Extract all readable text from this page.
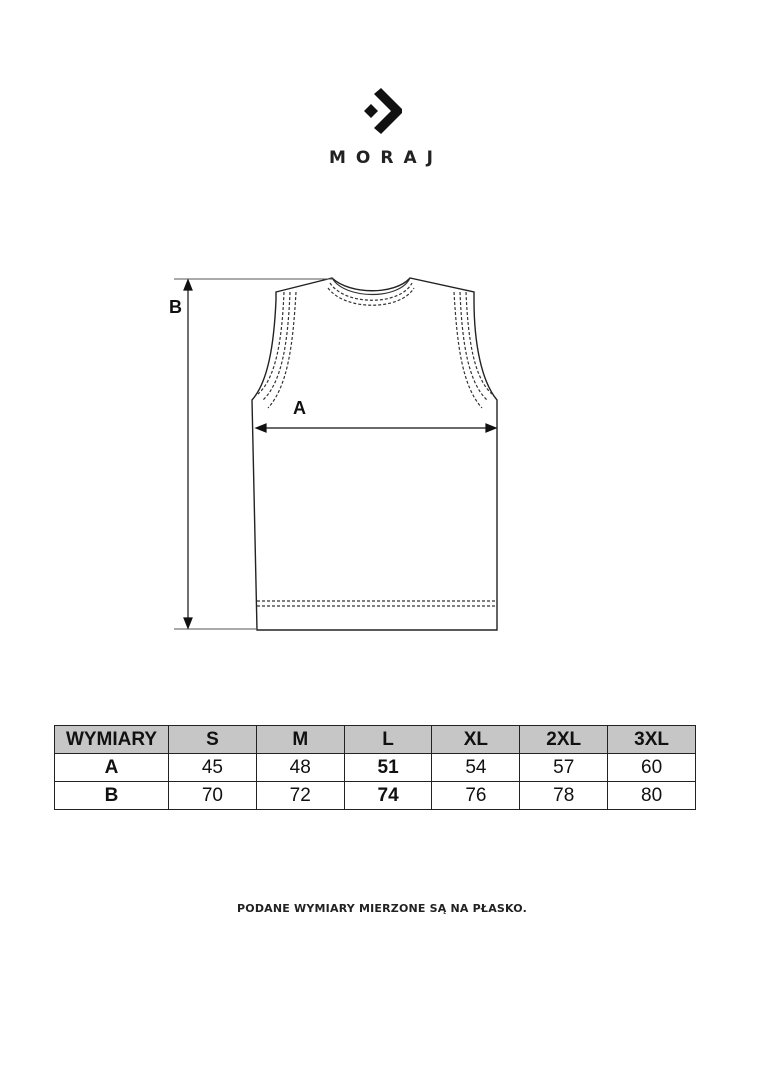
MORAJ
B
A
WYMIARY	S	M	L	XL	2XL	3XL
A	45	48	51	54	57	60
B	70	72	74	76	78	80
PODANE WYMIARY MIERZONE SĄ NA PŁASKO.
